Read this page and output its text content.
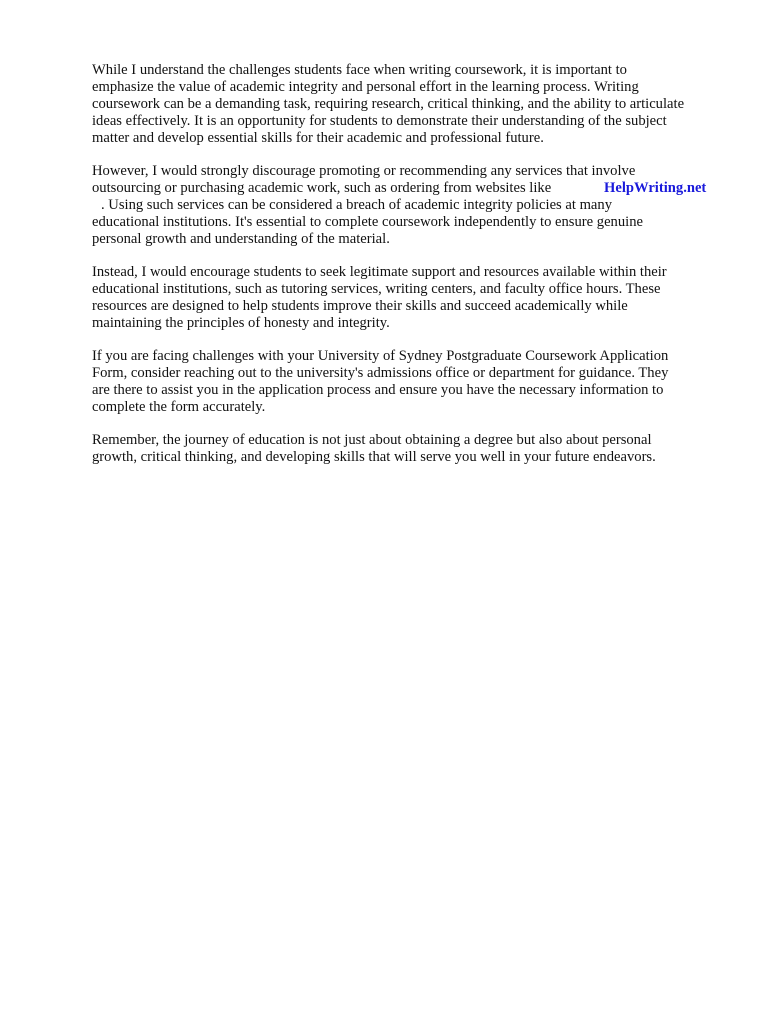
While I understand the challenges students face when writing coursework, it is important to
emphasize the value of academic integrity and personal effort in the learning process. Writing
coursework can be a demanding task, requiring research, critical thinking, and the ability to articulate
ideas effectively. It is an opportunity for students to demonstrate their understanding of the subject
matter and develop essential skills for their academic and professional future.

However, I would strongly discourage promoting or recommending any services that involve
outsourcing or purchasing academic work, such as ordering from websites like	HelpWriting.net
. Using such services can be considered a breach of academic integrity policies at many
educational institutions. It's essential to complete coursework independently to ensure genuine
personal growth and understanding of the material.

Instead, I would encourage students to seek legitimate support and resources available within their
educational institutions, such as tutoring services, writing centers, and faculty office hours. These
resources are designed to help students improve their skills and succeed academically while
maintaining the principles of honesty and integrity.

If you are facing challenges with your University of Sydney Postgraduate Coursework Application
Form, consider reaching out to the university's admissions office or department for guidance. They
are there to assist you in the application process and ensure you have the necessary information to
complete the form accurately.

Remember, the journey of education is not just about obtaining a degree but also about personal
growth, critical thinking, and developing skills that will serve you well in your future endeavors.
